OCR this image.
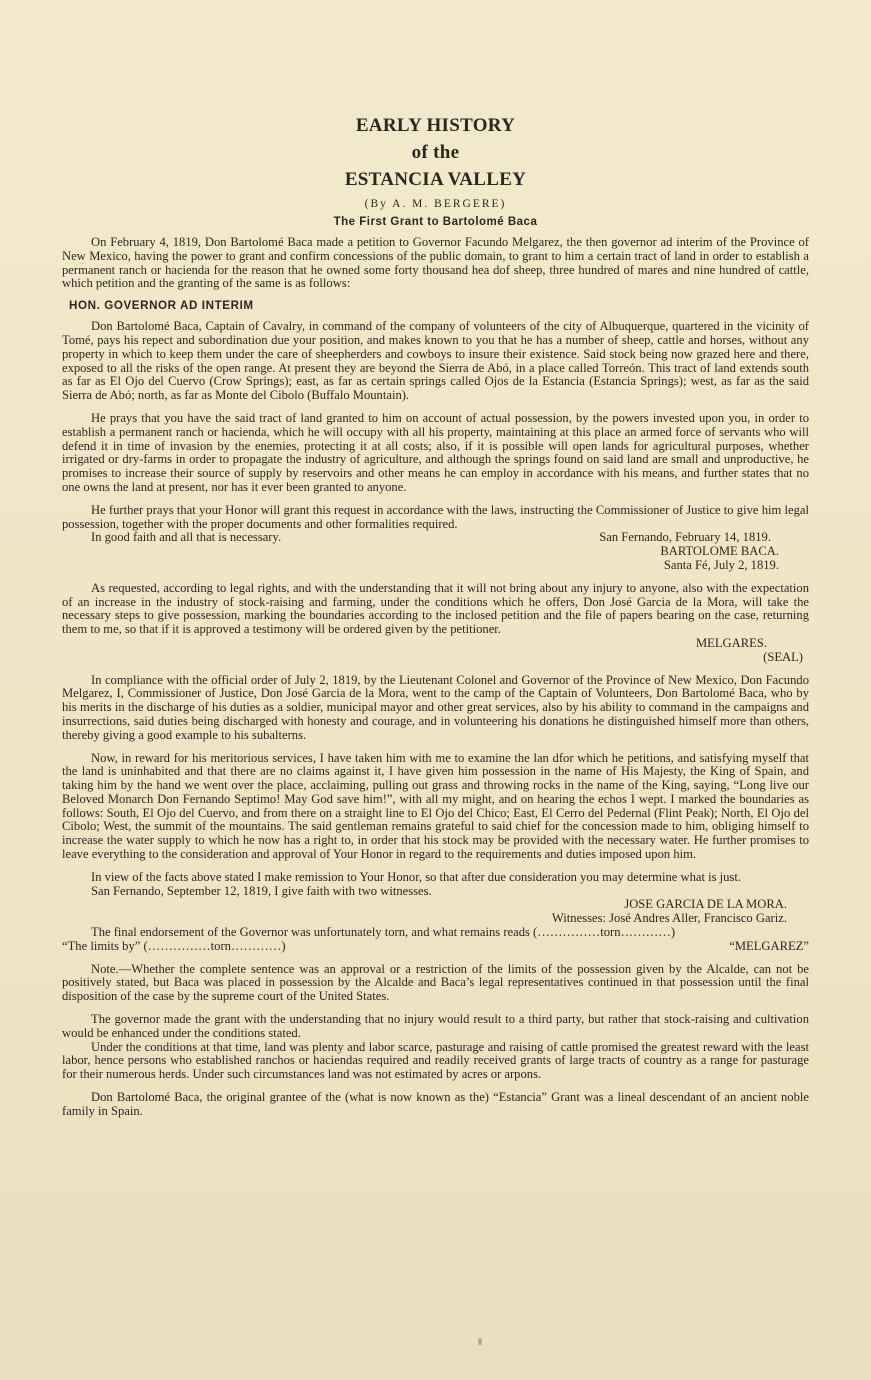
EARLY HISTORY
of the
ESTANCIA VALLEY
(By A. M. BERGERE)
The First Grant to Bartolomé Baca

On February 4, 1819, Don Bartolomé Baca made a petition to Governor Facundo Melgarez, the then governor ad interim of the Province of New Mexico, having the power to grant and confirm concessions of the public domain, to grant to him a certain tract of land in order to establish a permanent ranch or hacienda for the reason that he owned some forty thousand hea dof sheep, three hundred of mares and nine hundred of cattle, which petition and the granting of the same is as follows:

HON. GOVERNOR AD INTERIM

Don Bartolomé Baca, Captain of Cavalry, in command of the company of volunteers of the city of Albuquerque, quartered in the vicinity of Tomé, pays his repect and subordination due your position, and makes known to you that he has a number of sheep, cattle and horses, without any property in which to keep them under the care of sheepherders and cowboys to insure their existence. Said stock being now grazed here and there, exposed to all the risks of the open range. At present they are beyond the Sierra de Abó, in a place called Torreón. This tract of land extends south as far as El Ojo del Cuervo (Crow Springs); east, as far as certain springs called Ojos de la Estancia (Estancia Springs); west, as far as the said Sierra de Abó; north, as far as Monte del Cibolo (Buffalo Mountain).

He prays that you have the said tract of land granted to him on account of actual possession, by the powers invested upon you, in order to establish a permanent ranch or hacienda, which he will occupy with all his property, maintaining at this place an armed force of servants who will defend it in time of invasion by the enemies, protecting it at all costs; also, if it is possible will open lands for agricultural purposes, whether irrigated or dry-farms in order to propagate the industry of agriculture, and although the springs found on said land are small and unproductive, he promises to increase their source of supply by reservoirs and other means he can employ in accordance with his means, and further states that no one owns the land at present, nor has it ever been granted to anyone.

He further prays that your Honor will grant this request in accordance with the laws, instructing the Commissioner of Justice to give him legal possession, together with the proper documents and other formalities required.

In good faith and all that is necessary.	San Fernando, February 14, 1819.
BARTOLOME BACA.
Santa Fé, July 2, 1819.

As requested, according to legal rights, and with the understanding that it will not bring about any injury to anyone, also with the expectation of an increase in the industry of stock-raising and farming, under the conditions which he offers, Don José Garcia de la Mora, will take the necessary steps to give possession, marking the boundaries according to the inclosed petition and the file of papers bearing on the case, returning them to me, so that if it is approved a testimony will be ordered given by the petitioner.

MELGARES.
(SEAL)

In compliance with the official order of July 2, 1819, by the Lieutenant Colonel and Governor of the Province of New Mexico, Don Facundo Melgarez, I, Commissioner of Justice, Don José Garcia de la Mora, went to the camp of the Captain of Volunteers, Don Bartolomé Baca, who by his merits in the discharge of his duties as a soldier, municipal mayor and other great services, also by his ability to command in the campaigns and insurrections, said duties being discharged with honesty and courage, and in volunteering his donations he distinguished himself more than others, thereby giving a good example to his subalterns.

Now, in reward for his meritorious services, I have taken him with me to examine the lan dfor which he petitions, and satisfying myself that the land is uninhabited and that there are no claims against it, I have given him possession in the name of His Majesty, the King of Spain, and taking him by the hand we went over the place, acclaiming, pulling out grass and throwing rocks in the name of the King, saying, “Long live our Beloved Monarch Don Fernando Septimo! May God save him!”, with all my might, and on hearing the echos I wept. I marked the boundaries as follows: South, El Ojo del Cuervo, and from there on a straight line to El Ojo del Chico; East, El Cerro del Pedernal (Flint Peak); North, El Ojo del Cibolo; West, the summit of the mountains. The said gentleman remains grateful to said chief for the concession made to him, obliging himself to increase the water supply to which he now has a right to, in order that his stock may be provided with the necessary water. He further promises to leave everything to the consideration and approval of Your Honor in regard to the requirements and duties imposed upon him.

In view of the facts above stated I make remission to Your Honor, so that after due consideration you may determine what is just.

San Fernando, September 12, 1819, I give faith with two witnesses.

JOSE GARCIA DE LA MORA.
Witnesses: José Andres Aller, Francisco Gariz.

The final endorsement of the Governor was unfortunately torn, and what remains reads (……………torn…………)

“The limits by” (……………torn…………)	“MELGAREZ”

Note.—Whether the complete sentence was an approval or a restriction of the limits of the possession given by the Alcalde, can not be positively stated, but Baca was placed in possession by the Alcalde and Baca’s legal representatives continued in that possession until the final disposition of the case by the supreme court of the United States.

The governor made the grant with the understanding that no injury would result to a third party, but rather that stock-raising and cultivation would be enhanced under the conditions stated.

Under the conditions at that time, land was plenty and labor scarce, pasturage and raising of cattle promised the greatest reward with the least labor, hence persons who established ranchos or haciendas required and readily received grants of large tracts of country as a range for pasturage for their numerous herds. Under such circumstances land was not estimated by acres or arpons.

Don Bartolomé Baca, the original grantee of the (what is now known as the) “Estancia” Grant was a lineal descendant of an ancient noble family in Spain.
